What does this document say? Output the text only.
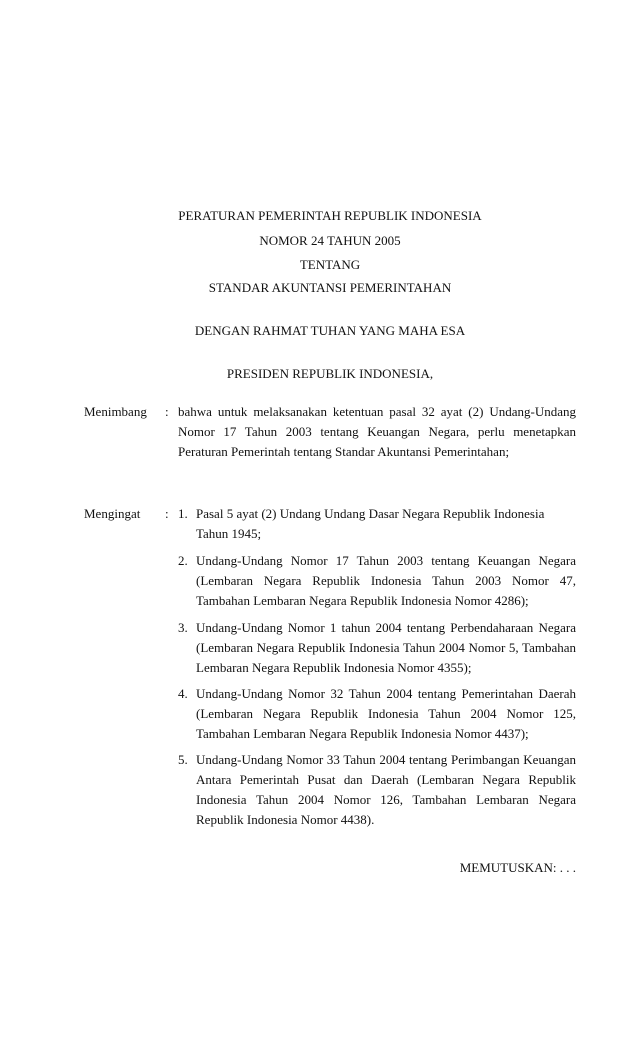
PERATURAN PEMERINTAH REPUBLIK INDONESIA
NOMOR 24 TAHUN 2005
TENTANG
STANDAR AKUNTANSI PEMERINTAHAN
DENGAN RAHMAT TUHAN YANG MAHA ESA
PRESIDEN REPUBLIK INDONESIA,
Menimbang : bahwa untuk melaksanakan ketentuan pasal 32 ayat (2) Undang-Undang Nomor 17 Tahun 2003 tentang Keuangan Negara, perlu menetapkan Peraturan Pemerintah tentang Standar Akuntansi Pemerintahan;
Mengingat : 1. Pasal 5 ayat (2) Undang Undang Dasar Negara Republik Indonesia Tahun 1945;
2. Undang-Undang Nomor 17 Tahun 2003 tentang Keuangan Negara (Lembaran Negara Republik Indonesia Tahun 2003 Nomor 47, Tambahan Lembaran Negara Republik Indonesia Nomor 4286);
3. Undang-Undang Nomor 1 tahun 2004 tentang Perbendaharaan Negara (Lembaran Negara Republik Indonesia Tahun 2004 Nomor 5, Tambahan Lembaran Negara Republik Indonesia Nomor 4355);
4. Undang-Undang Nomor 32 Tahun 2004 tentang Pemerintahan Daerah (Lembaran Negara Republik Indonesia Tahun 2004 Nomor 125, Tambahan Lembaran Negara Republik Indonesia Nomor 4437);
5. Undang-Undang Nomor 33 Tahun 2004 tentang Perimbangan Keuangan Antara Pemerintah Pusat dan Daerah (Lembaran Negara Republik Indonesia Tahun 2004 Nomor 126, Tambahan Lembaran Negara Republik Indonesia Nomor 4438).
MEMUTUSKAN: . . .
